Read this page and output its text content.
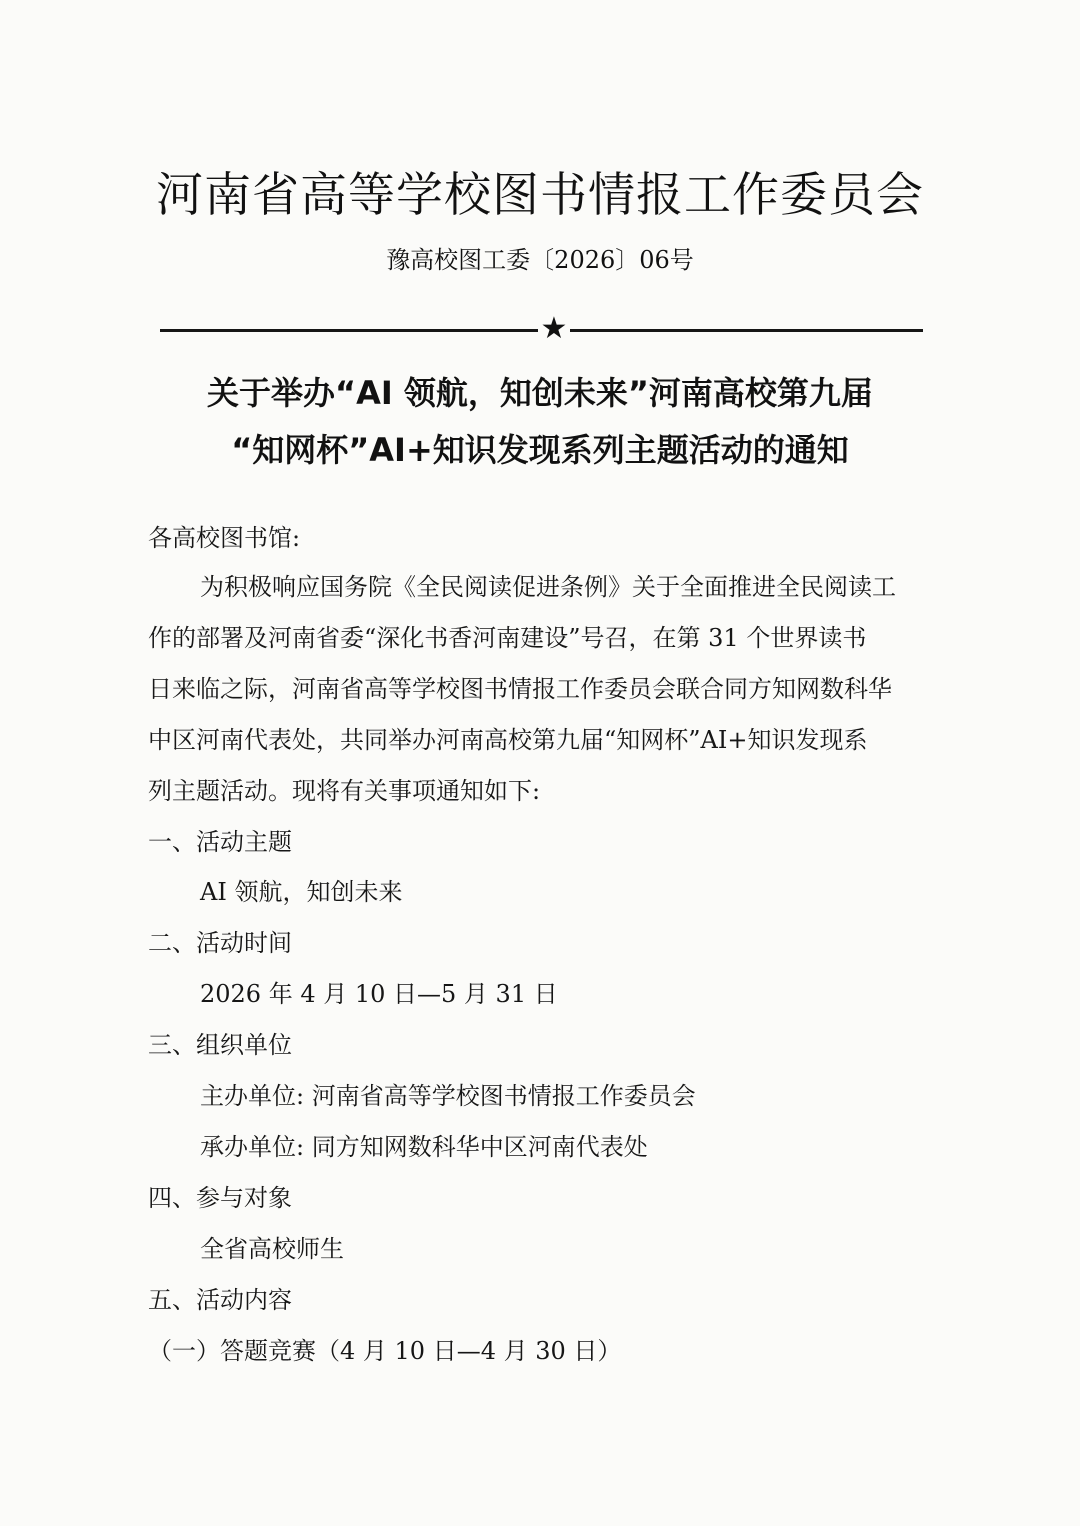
河南省高等学校图书情报工作委员会
豫高校图工委〔2026〕06号
★
关于举办“AI 领航，知创未来”河南高校第九届
“知网杯”AI+知识发现系列主题活动的通知
各高校图书馆:
为积极响应国务院《全民阅读促进条例》关于全面推进全民阅读工
作的部署及河南省委“深化书香河南建设”号召，在第 31 个世界读书
日来临之际，河南省高等学校图书情报工作委员会联合同方知网数科华
中区河南代表处，共同举办河南高校第九届“知网杯”AI+知识发现系
列主题活动。现将有关事项通知如下:
一、活动主题
AI 领航，知创未来
二、活动时间
2026 年 4 月 10 日—5 月 31 日
三、组织单位
主办单位: 河南省高等学校图书情报工作委员会
承办单位: 同方知网数科华中区河南代表处
四、参与对象
全省高校师生
五、活动内容
（一）答题竞赛（4 月 10 日—4 月 30 日）
